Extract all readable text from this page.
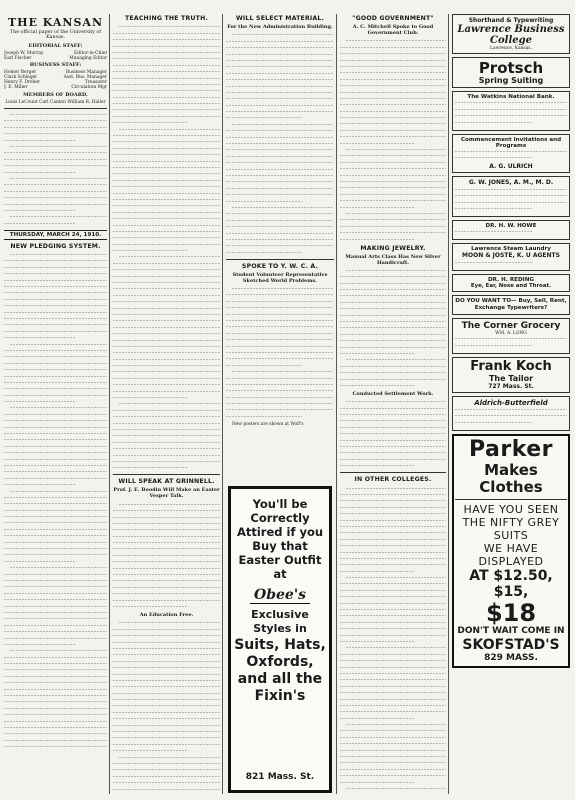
THE KANSAN
The official paper of the University of Kansas.
EDITORIAL STAFF:
Joseph W. Murray	Editor-in-Chief
Earl Fischer	Managing Editor
BUSINESS STAFF:
Homer Berger	Business Manager
Clark Schlegel	Asst. Bus. Manager
Henry F. Dreher	Treasurer
J. E. Miller	Circulation Mgr
MEMBERS OF BOARD.
Louis LeCount Carl Canton William R. Haller
THURSDAY, MARCH 24, 1910.
NEW PLEDGING SYSTEM.
TEACHING THE TRUTH.
WILL SPEAK AT GRINNELL.
Prof. J. E. Boodin Will Make an Easter Vesper Talk.
An Education Free.
WILL SELECT MATERIAL.
For the New Administration Building.
SPOKE TO Y. W. C. A.
Student Volunteer Representative Sketched World Problems.

New posters are shown at Wolf's

You'll be Correctly Attired if you Buy that Easter Outfit at
Obee's
Exclusive Styles in
Suits, Hats, Oxfords, and all the Fixin's
821 Mass. St.
"GOOD GOVERNMENT"
A. C. Mitchell Spoke to Good Government Club.
MAKING JEWELRY.
Manual Arts Class Has New Silver Handicraft.
Conducted Settlement Work.
IN OTHER COLLEGES.
Shorthand & Typewriting
Lawrence Business College
Lawrence, Kansas.
Protsch
Spring Suiting
The Watkins National Bank.
Commencement Invitations and Programs
A. G. ULRICH
G. W. JONES, A. M., M. D.
DR. H. W. HOWE
Lawrence Steam Laundry
MOON & JOSTE, K. U AGENTS
DR. H. REDING
Eye, Ear, Nose and Throat.
DO YOU WANT TO— Buy, Sell, Rent, Exchange Typewriters?
The Corner Grocery
WM. A. LONG
Frank Koch
The Tailor
727 Mass. St.
Aldrich-Butterfield
Parker
Makes Clothes
HAVE YOU SEEN THE NIFTY GREY SUITS
WE HAVE DISPLAYED
AT $12.50, $15,
$18
DON'T WAIT COME IN
SKOFSTAD'S
829 MASS.
